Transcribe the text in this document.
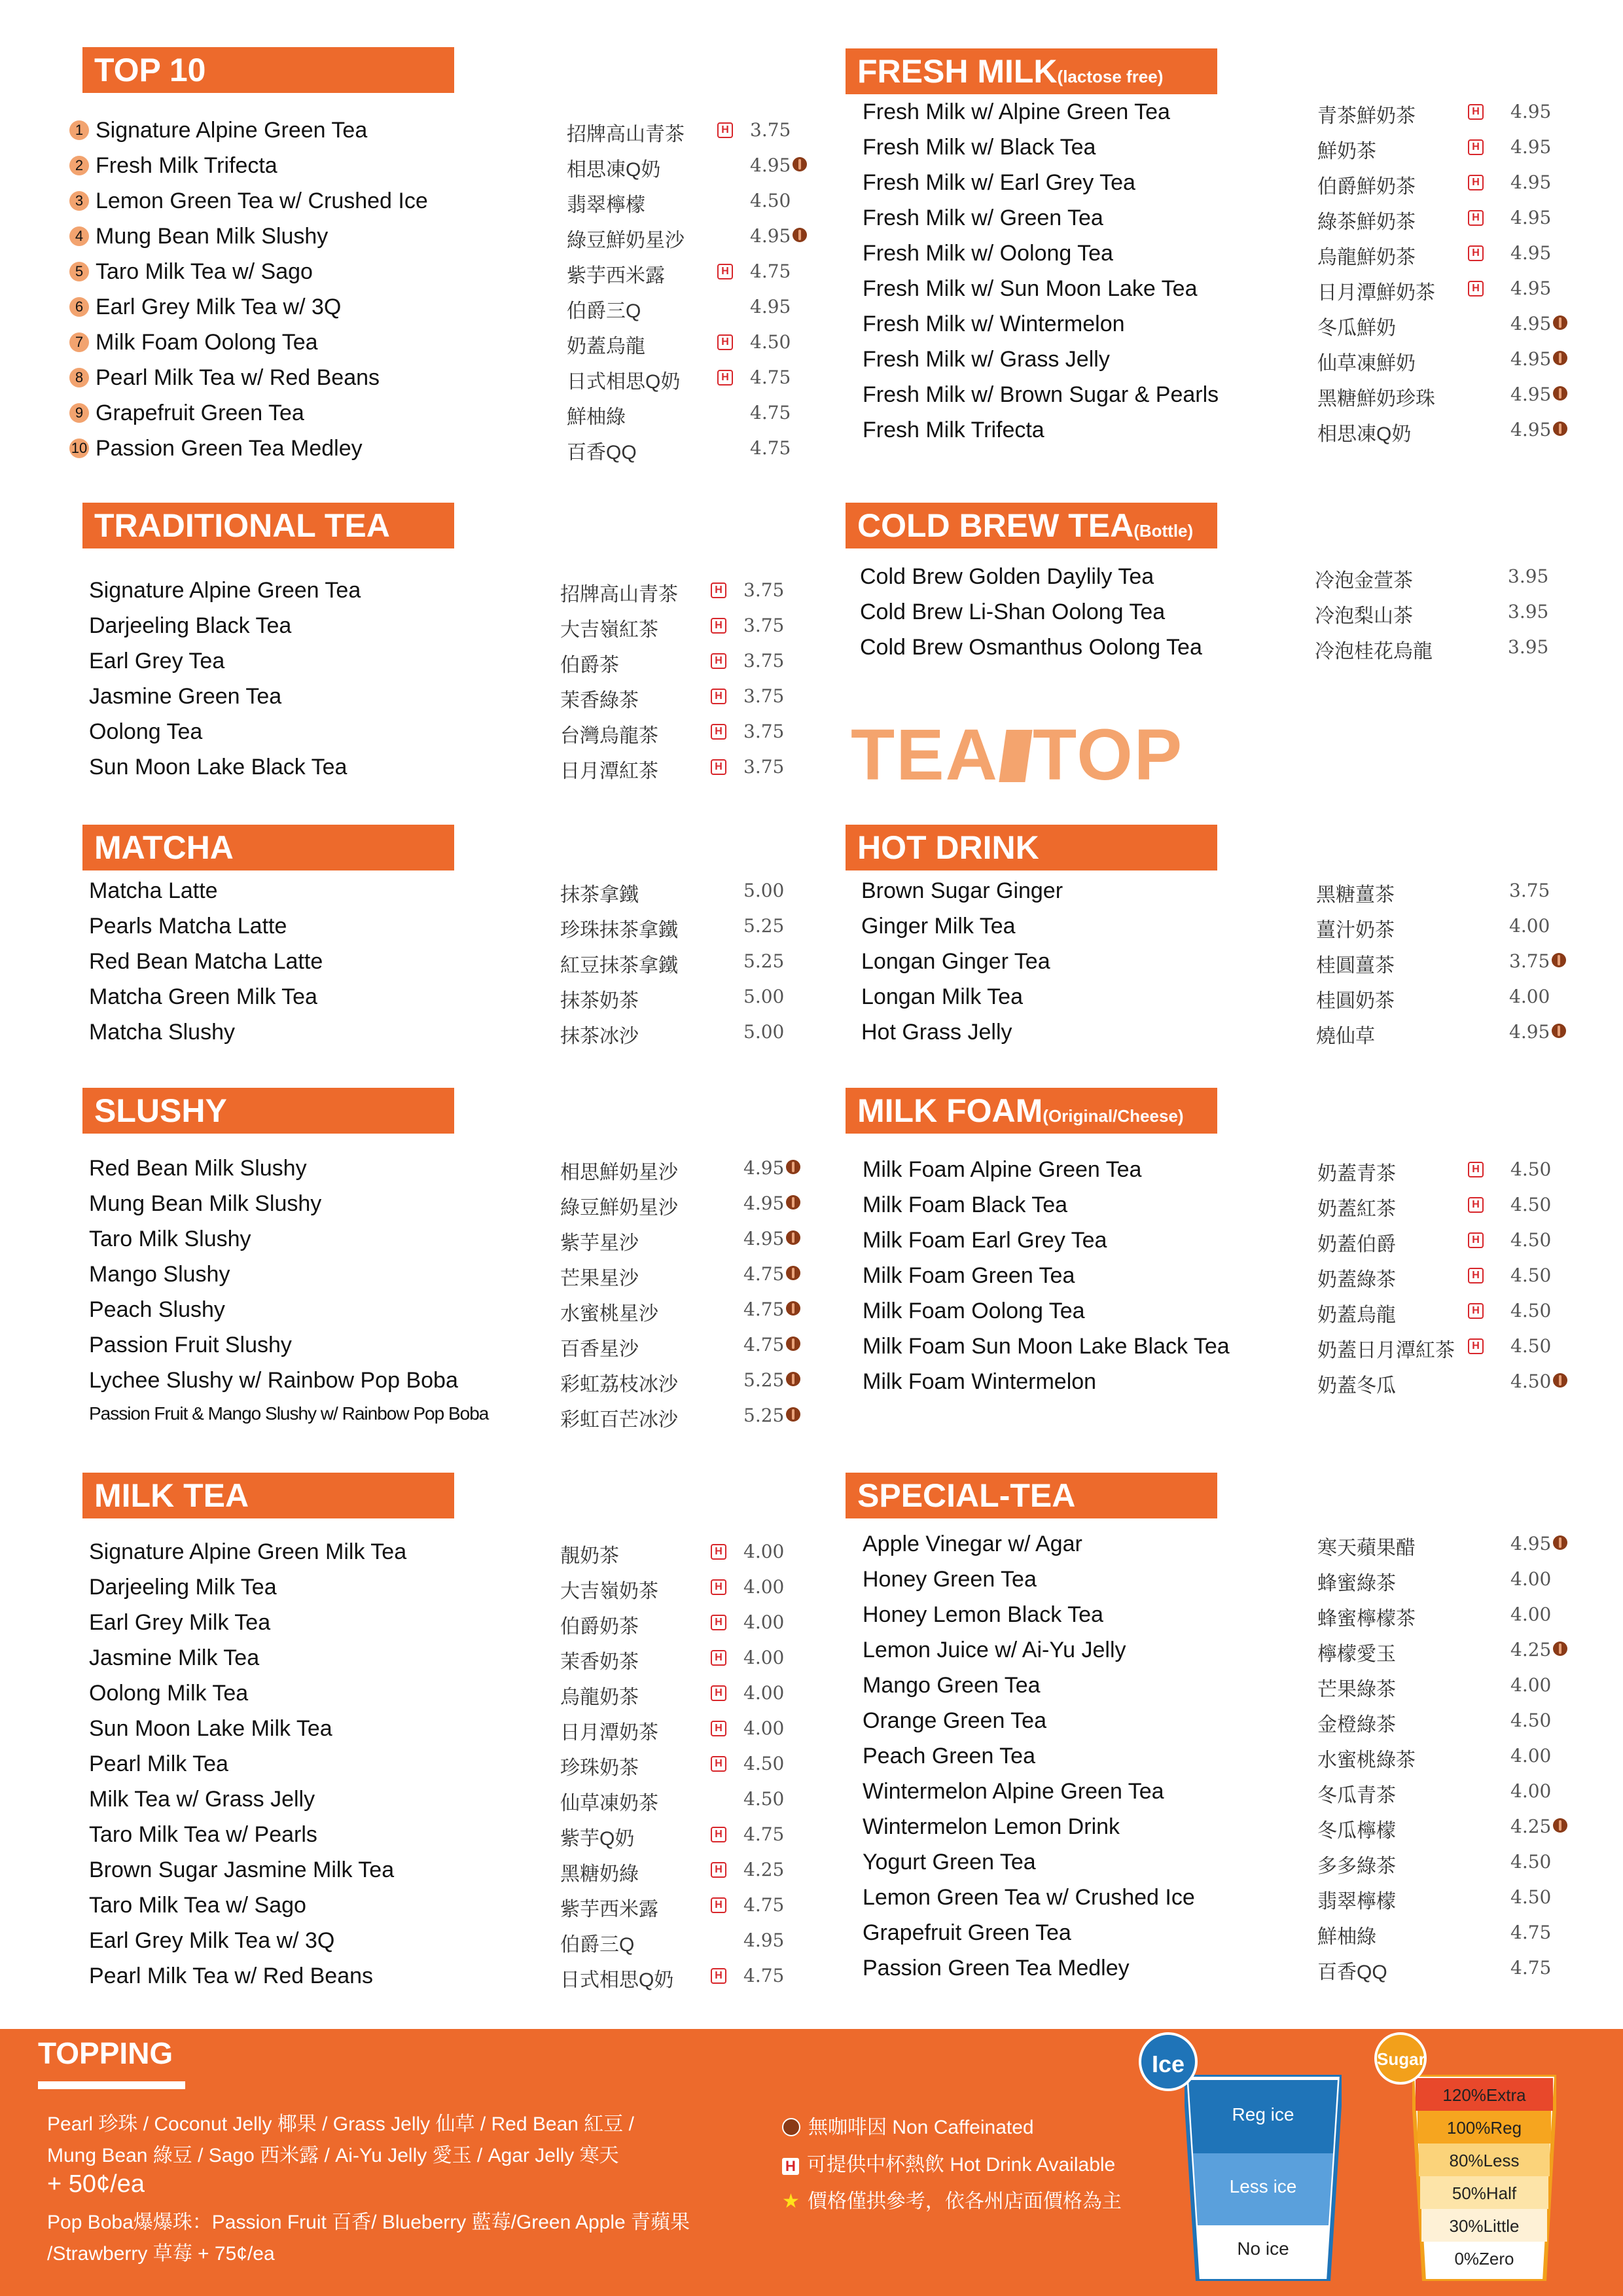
TOP 10
1 Signature Alpine Green Tea	招牌高山青茶	H 3.75
2 Fresh Milk Trifecta	相思凍Q奶	4.95
3 Lemon Green Tea w/ Crushed Ice	翡翠檸檬	4.50
4 Mung Bean Milk Slushy	綠豆鮮奶星沙	4.95
5 Taro Milk Tea w/ Sago	紫芋西米露	H 4.75
6 Earl Grey Milk Tea w/ 3Q	伯爵三Q	4.95
7 Milk Foam Oolong Tea	奶蓋烏龍	H 4.50
8 Pearl Milk Tea w/ Red Beans	日式相思Q奶	H 4.75
9 Grapefruit Green Tea	鮮柚綠	4.75
10 Passion Green Tea Medley	百香QQ	4.75
TRADITIONAL TEA
Signature Alpine Green Tea	招牌高山青茶	H 3.75
Darjeeling Black Tea	大吉嶺紅茶	H 3.75
Earl Grey Tea	伯爵茶	H 3.75
Jasmine Green Tea	茉香綠茶	H 3.75
Oolong Tea	台灣烏龍茶	H 3.75
Sun Moon Lake Black Tea	日月潭紅茶	H 3.75
MATCHA
Matcha Latte	抹茶拿鐵	5.00
Pearls Matcha Latte	珍珠抹茶拿鐵	5.25
Red Bean Matcha Latte	紅豆抹茶拿鐵	5.25
Matcha Green Milk Tea	抹茶奶茶	5.00
Matcha Slushy	抹茶冰沙	5.00
SLUSHY
Red Bean Milk Slushy	相思鮮奶星沙	4.95
Mung Bean Milk Slushy	綠豆鮮奶星沙	4.95
Taro Milk Slushy	紫芋星沙	4.95
Mango Slushy	芒果星沙	4.75
Peach Slushy	水蜜桃星沙	4.75
Passion Fruit Slushy	百香星沙	4.75
Lychee Slushy w/ Rainbow Pop Boba	彩虹荔枝冰沙	5.25
Passion Fruit & Mango Slushy w/ Rainbow Pop Boba	彩虹百芒冰沙	5.25
MILK TEA
Signature Alpine Green Milk Tea	靚奶茶	H 4.00
Darjeeling Milk Tea	大吉嶺奶茶	H 4.00
Earl Grey Milk Tea	伯爵奶茶	H 4.00
Jasmine Milk Tea	茉香奶茶	H 4.00
Oolong Milk Tea	烏龍奶茶	H 4.00
Sun Moon Lake Milk Tea	日月潭奶茶	H 4.00
Pearl Milk Tea	珍珠奶茶	H 4.50
Milk Tea w/ Grass Jelly	仙草凍奶茶	4.50
Taro Milk Tea w/ Pearls	紫芋Q奶	H 4.75
Brown Sugar Jasmine Milk Tea	黑糖奶綠	H 4.25
Taro Milk Tea w/ Sago	紫芋西米露	H 4.75
Earl Grey Milk Tea w/ 3Q	伯爵三Q	4.95
Pearl Milk Tea w/ Red Beans	日式相思Q奶	H 4.75
FRESH MILK(lactose free)
Fresh Milk w/ Alpine Green Tea	青茶鮮奶茶	H 4.95
Fresh Milk w/ Black Tea	鮮奶茶	H 4.95
Fresh Milk w/ Earl Grey Tea	伯爵鮮奶茶	H 4.95
Fresh Milk w/ Green Tea	綠茶鮮奶茶	H 4.95
Fresh Milk w/ Oolong Tea	烏龍鮮奶茶	H 4.95
Fresh Milk w/ Sun Moon Lake Tea	日月潭鮮奶茶	H 4.95
Fresh Milk w/ Wintermelon	冬瓜鮮奶	4.95
Fresh Milk w/ Grass Jelly	仙草凍鮮奶	4.95
Fresh Milk w/ Brown Sugar & Pearls	黑糖鮮奶珍珠	4.95
Fresh Milk Trifecta	相思凍Q奶	4.95
COLD BREW TEA(Bottle)
Cold Brew Golden Daylily Tea	冷泡金萱茶	3.95
Cold Brew Li-Shan Oolong Tea	冷泡梨山茶	3.95
Cold Brew Osmanthus Oolong Tea	冷泡桂花烏龍	3.95
TEA TOP
HOT DRINK
Brown Sugar Ginger	黑糖薑茶	3.75
Ginger Milk Tea	薑汁奶茶	4.00
Longan Ginger Tea	桂圓薑茶	3.75
Longan Milk Tea	桂圓奶茶	4.00
Hot Grass Jelly	燒仙草	4.95
MILK FOAM(Original/Cheese)
Milk Foam Alpine Green Tea	奶蓋青茶	H 4.50
Milk Foam Black Tea	奶蓋紅茶	H 4.50
Milk Foam Earl Grey Tea	奶蓋伯爵	H 4.50
Milk Foam Green Tea	奶蓋綠茶	H 4.50
Milk Foam Oolong Tea	奶蓋烏龍	H 4.50
Milk Foam Sun Moon Lake Black Tea	奶蓋日月潭紅茶	H 4.50
Milk Foam Wintermelon	奶蓋冬瓜	4.50
SPECIAL-TEA
Apple Vinegar w/ Agar	寒天蘋果醋	4.95
Honey Green Tea	蜂蜜綠茶	4.00
Honey Lemon Black Tea	蜂蜜檸檬茶	4.00
Lemon Juice w/ Ai-Yu Jelly	檸檬愛玉	4.25
Mango Green Tea	芒果綠茶	4.00
Orange Green Tea	金橙綠茶	4.50
Peach Green Tea	水蜜桃綠茶	4.00
Wintermelon Alpine Green Tea	冬瓜青茶	4.00
Wintermelon Lemon Drink	冬瓜檸檬	4.25
Yogurt Green Tea	多多綠茶	4.50
Lemon Green Tea w/ Crushed Ice	翡翠檸檬	4.50
Grapefruit Green Tea	鮮柚綠	4.75
Passion Green Tea Medley	百香QQ	4.75
TOPPING
Pearl 珍珠 / Coconut Jelly 椰果 / Grass Jelly 仙草 / Red Bean 紅豆 /
Mung Bean 綠豆 / Sago 西米露 / Ai-Yu Jelly 愛玉 / Agar Jelly 寒天
+ 50¢/ea
Pop Boba爆爆珠：Passion Fruit 百香/ Blueberry 藍莓/Green Apple 青蘋果
/Strawberry 草莓 + 75¢/ea
無咖啡因 Non Caffeinated
H 可提供中杯熱飲 Hot Drink Available
★ 價格僅拱參考，依各州店面價格為主
Reg ice
Less ice
No ice
Ice
120%Extra
100%Reg
80%Less
50%Half
30%Little
0%Zero
Sugar
